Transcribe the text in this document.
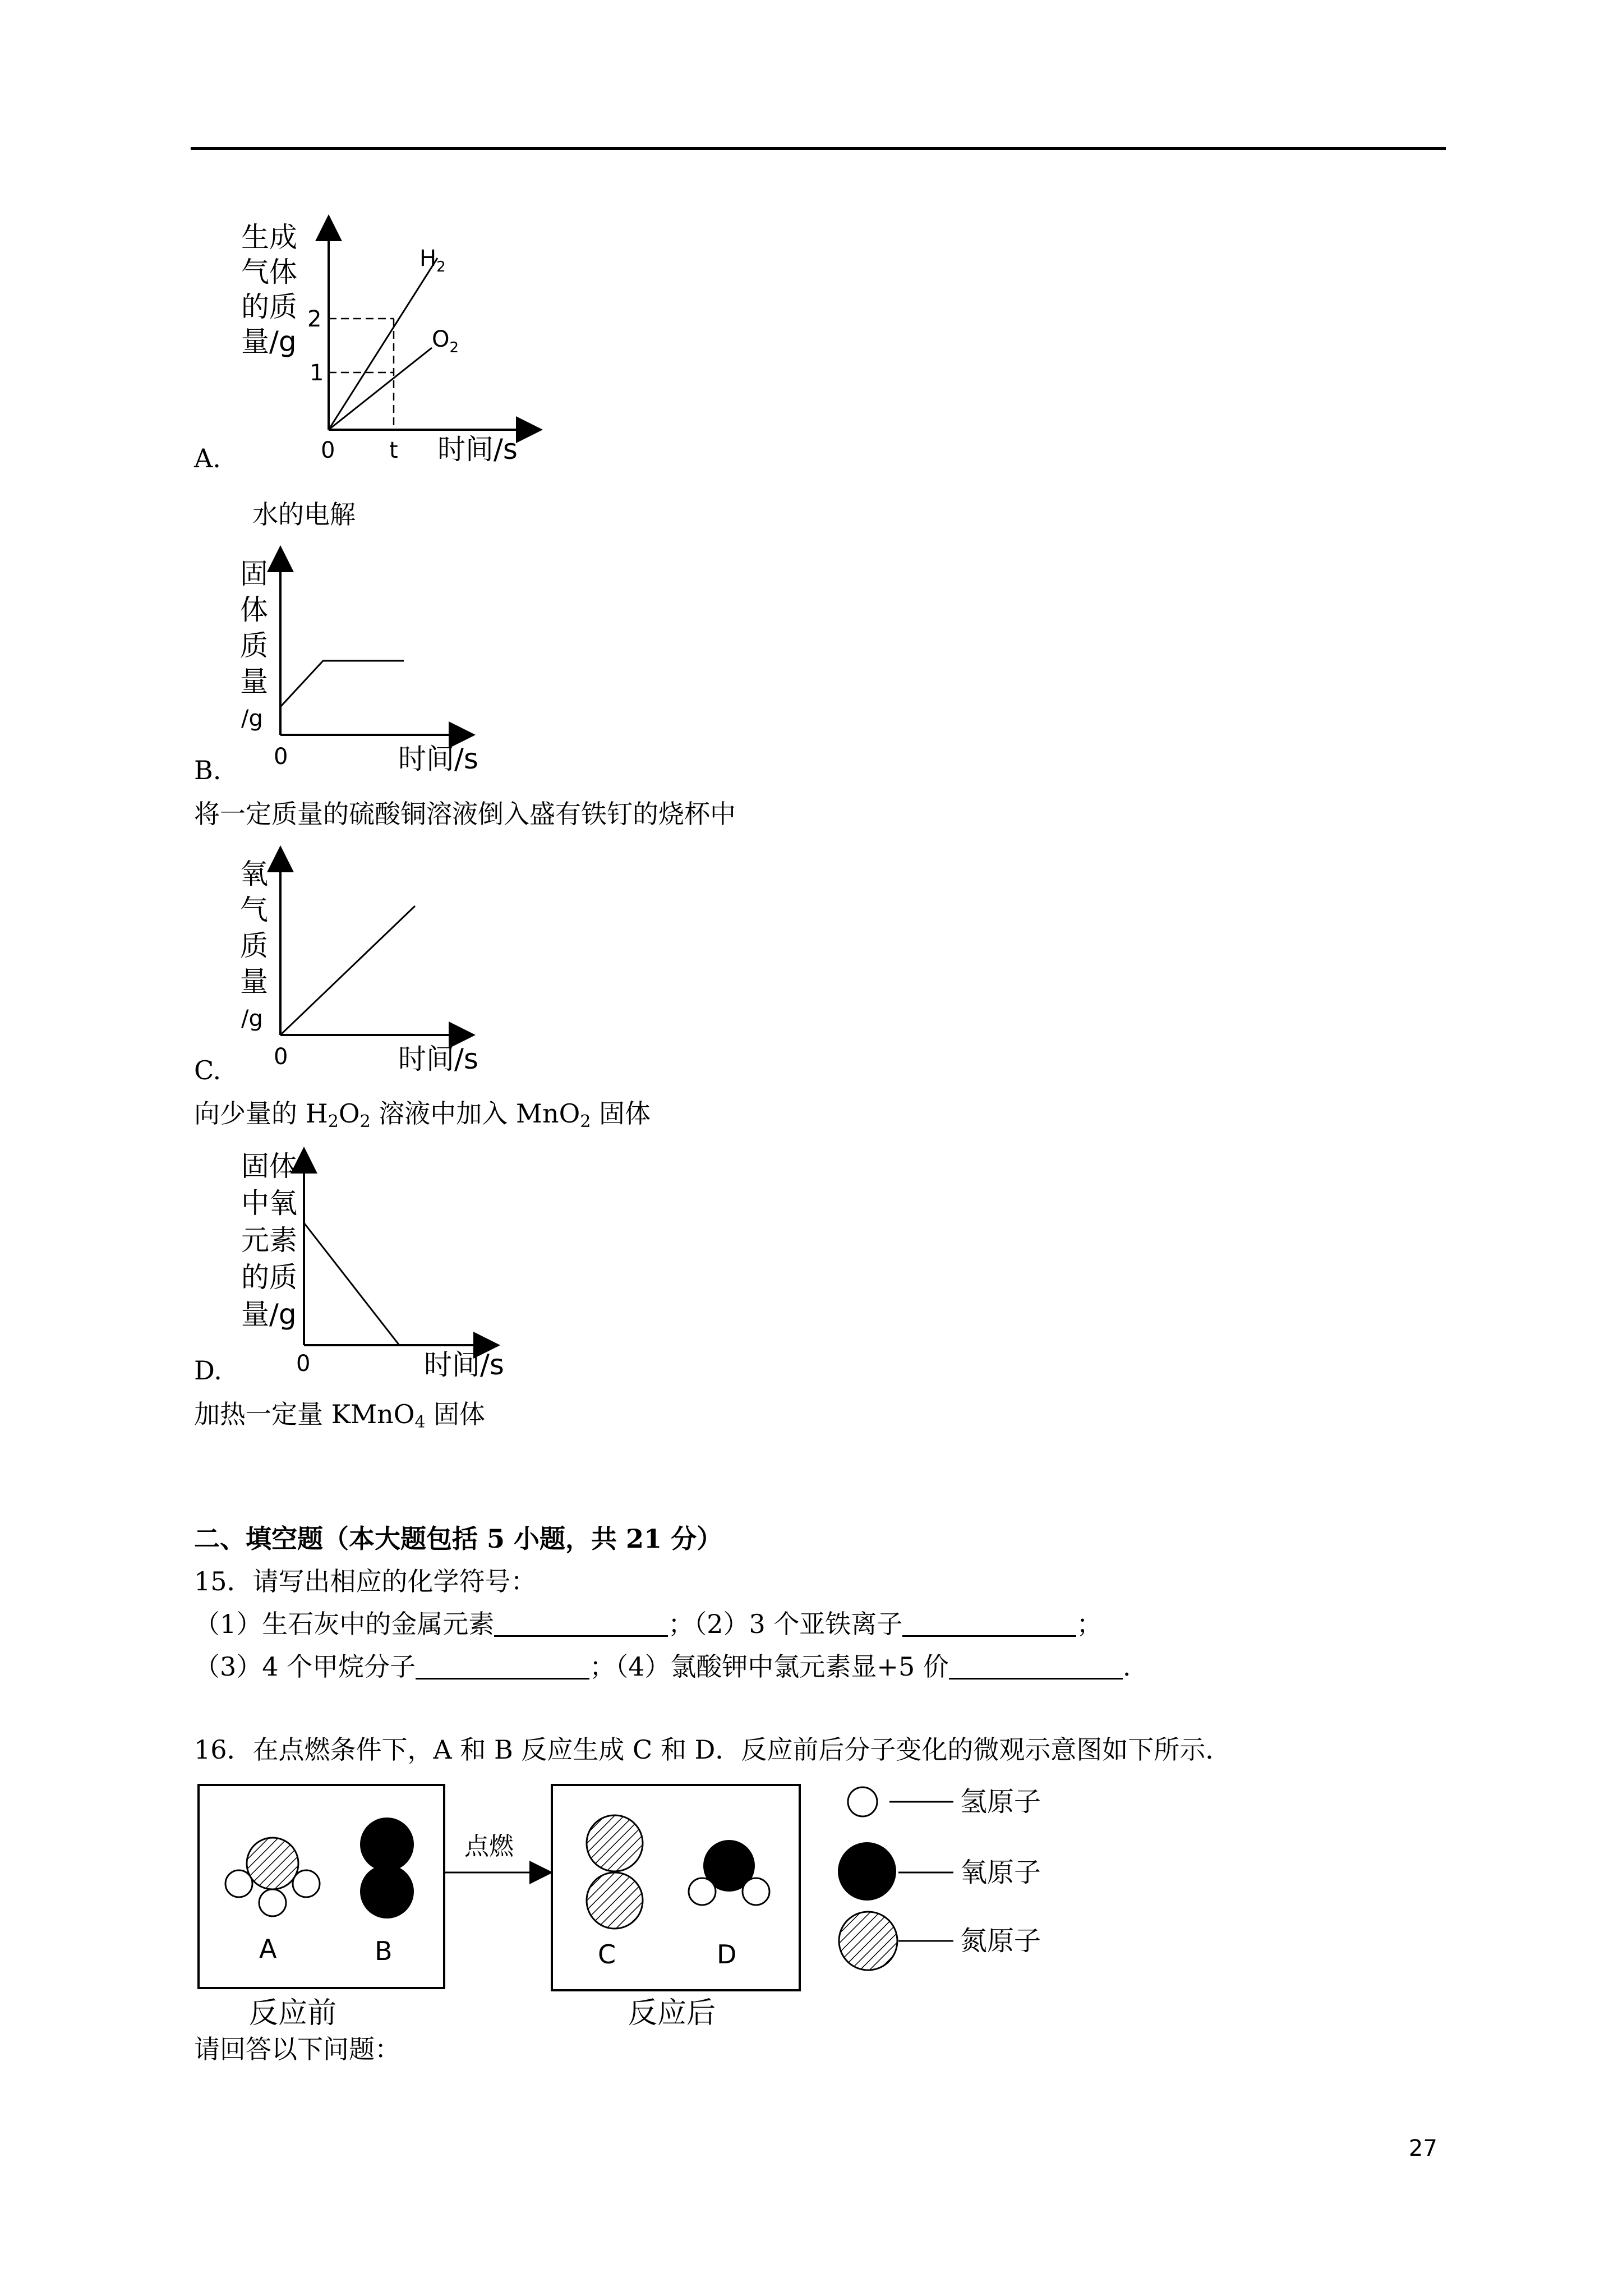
生成
气体
的质
量/g
2
1
0 t 时间/s
$H_2$
$O_2$
A.
水的电解
固
体
质
量
/g
0	时间/s
B.
将一定质量的硫酸铜溶液倒入盛有铁钉的烧杯中
氧
气
质
量
/g
0	时间/s
C.
向少量的 $H_2O_2$ 溶液中加入 MnO$_2$ 固体
固体
中氧
元素
的质
量/g
0	时间/s
D.
加热一定量 KMnO$_4$ 固体
二、填空题（本大题包括 5 小题，共 21 分）
15．请写出相应的化学符号：
（1）生石灰中的金属元素	；（2）3 个亚铁离子	；
（3）4 个甲烷分子	；（4）氯酸钾中氯元素显+5 价	.
16．在点燃条件下，A 和 B 反应生成 C 和 D．反应前后分子变化的微观示意图如下所示．
A	B
反应前
点燃
C	D
反应后
氢原子
氧原子
氮原子
请回答以下问题：
27
